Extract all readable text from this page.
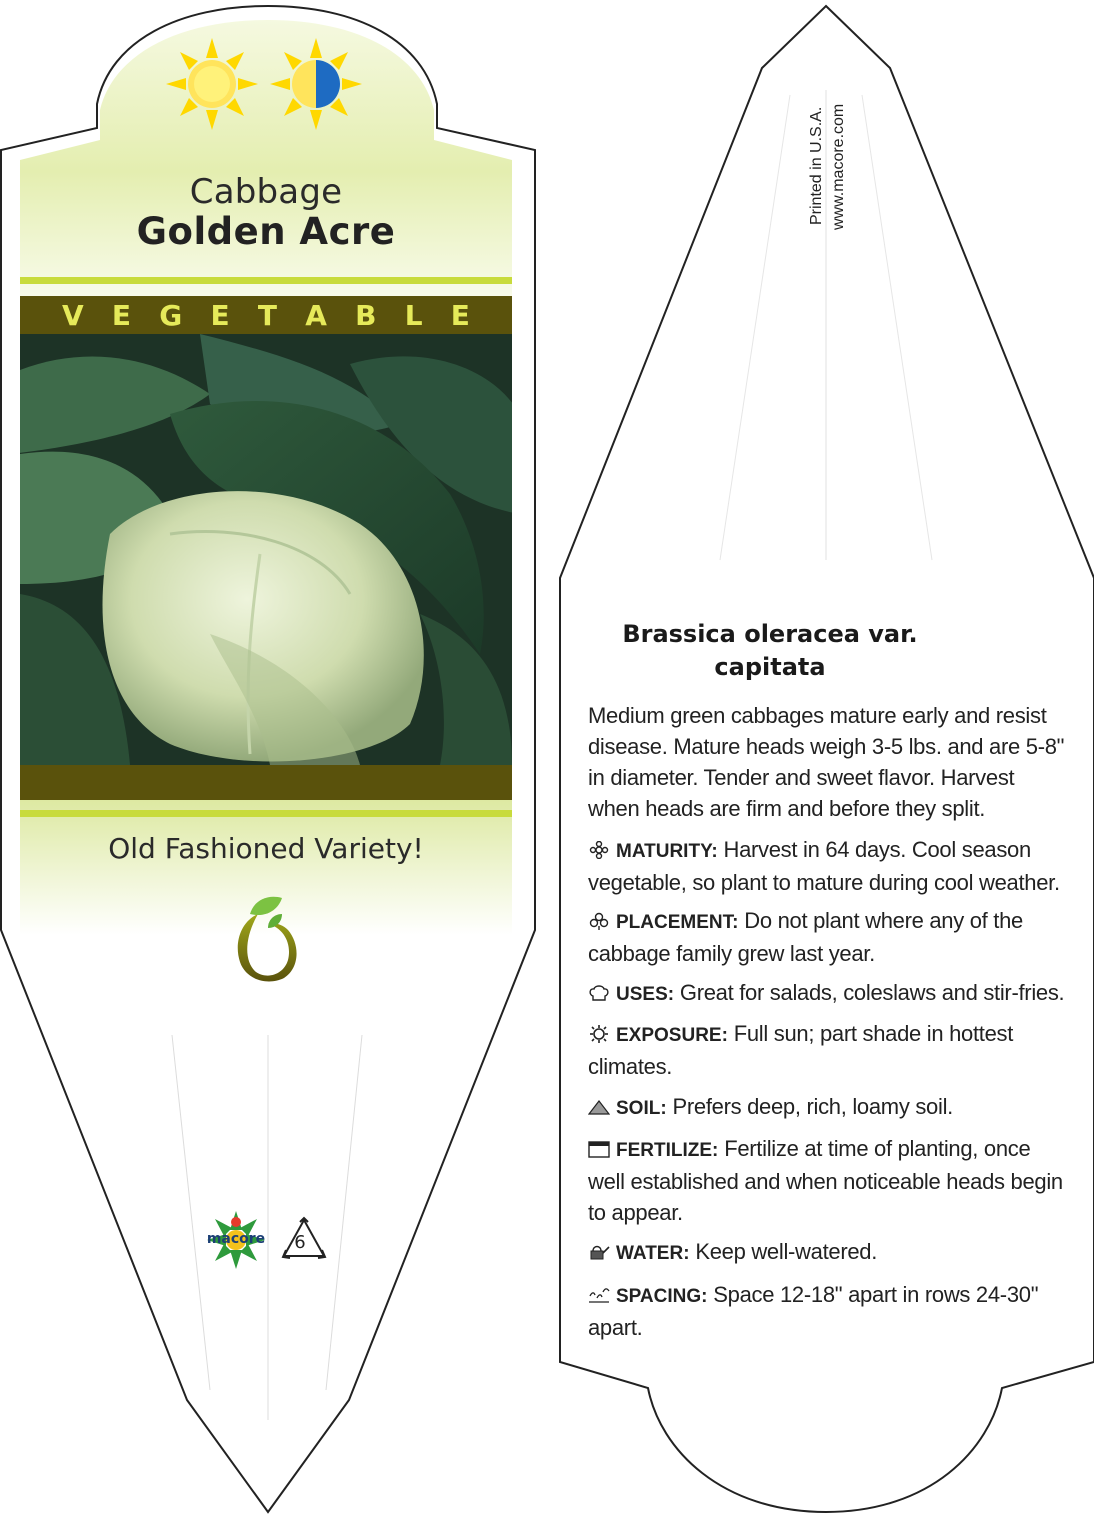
Cabbage
Golden Acre
V E G E T A B L E
Old Fashioned Variety!
macore 6
Printed in U.S.A. www.macore.com
Brassica oleracea var.
capitata
Medium green cabbages mature early and resist disease. Mature heads weigh 3-5 lbs. and are 5-8" in diameter. Tender and sweet flavor. Harvest when heads are firm and before they split.
MATURITY: Harvest in 64 days. Cool season vegetable, so plant to mature during cool weather.
PLACEMENT: Do not plant where any of the cabbage family grew last year.
USES: Great for salads, coleslaws and stir-fries.
EXPOSURE: Full sun; part shade in hottest climates.
SOIL: Prefers deep, rich, loamy soil.
FERTILIZE: Fertilize at time of planting, once well established and when noticeable heads begin to appear.
WATER: Keep well-watered.
SPACING: Space 12-18" apart in rows 24-30" apart.
